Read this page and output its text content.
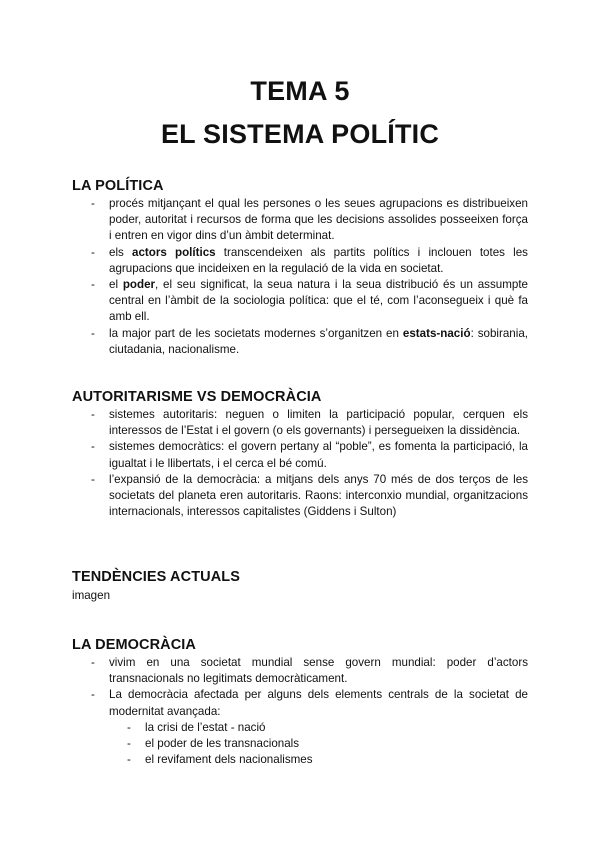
TEMA 5
EL SISTEMA POLÍTIC
LA POLÍTICA
- procés mitjançant el qual les persones o les seues agrupacions es distribueixen poder, autoritat i recursos de forma que les decisions assolides posseeixen força i entren en vigor dins d’un àmbit determinat.
- els actors polítics transcendeixen als partits polítics i inclouen totes les agrupacions que incideixen en la regulació de la vida en societat.
- el poder, el seu significat, la seua natura i la seua distribució és un assumpte central en l’àmbit de la sociologia política: que el té, com l’aconsegueix i què fa amb ell.
- la major part de les societats modernes s’organitzen en estats-nació: sobirania, ciutadania, nacionalisme.
AUTORITARISME VS DEMOCRÀCIA
- sistemes autoritaris: neguen o limiten la participació popular, cerquen els interessos de l’Estat i el govern (o els governants) i persegueixen la dissidència.
- sistemes democràtics: el govern pertany al “poble”, es fomenta la participació, la igualtat i le llibertats, i el cerca el bé comú.
- l’expansió de la democràcia: a mitjans dels anys 70 més de dos terços de les societats del planeta eren autoritaris. Raons: interconxio mundial, organitzacions internacionals, interessos capitalistes (Giddens i Sulton)
TENDÈNCIES ACTUALS

imagen

LA DEMOCRÀCIA
- vivim en una societat mundial sense govern mundial: poder d’actors transnacionals no legitimats democràticament.
- La democràcia afectada per alguns dels elements centrals de la societat de modernitat avançada:
- la crisi de l’estat - nació
- el poder de les transnacionals
- el revifament dels nacionalismes
